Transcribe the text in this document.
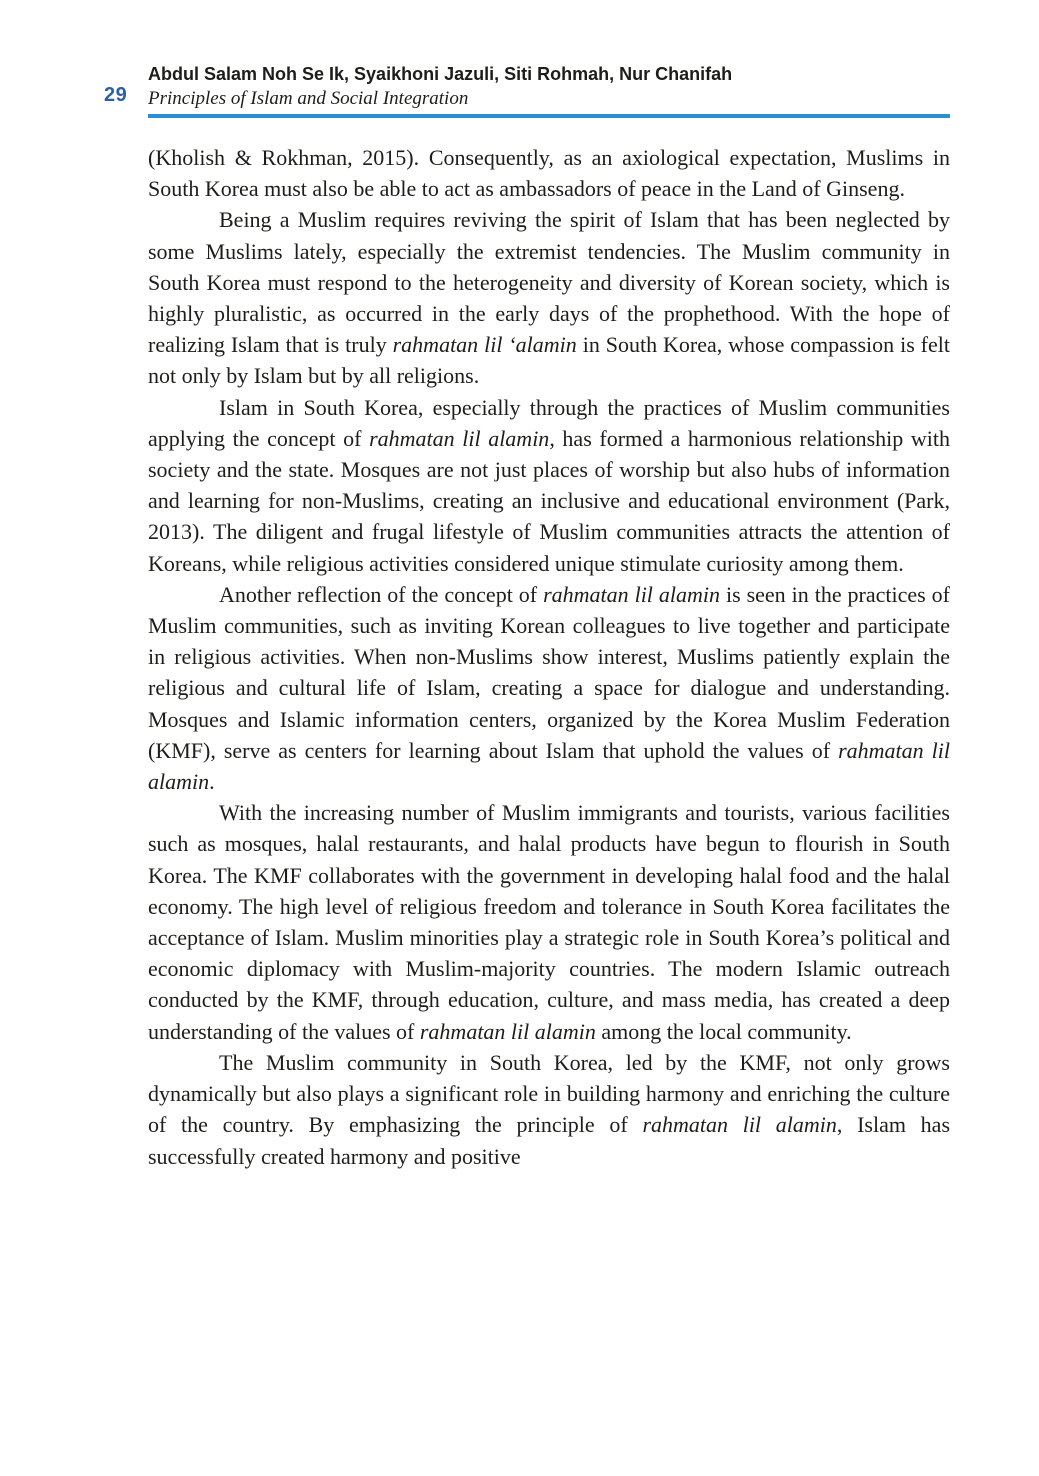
29
Abdul Salam Noh Se Ik, Syaikhoni Jazuli, Siti Rohmah, Nur Chanifah
Principles of Islam and Social Integration

(Kholish & Rokhman, 2015). Consequently, as an axiological expectation, Muslims in South Korea must also be able to act as ambassadors of peace in the Land of Ginseng.

Being a Muslim requires reviving the spirit of Islam that has been neglected by some Muslims lately, especially the extremist tendencies. The Muslim community in South Korea must respond to the heterogeneity and diversity of Korean society, which is highly pluralistic, as occurred in the early days of the prophethood. With the hope of realizing Islam that is truly rahmatan lil ‘alamin in South Korea, whose compassion is felt not only by Islam but by all religions.

Islam in South Korea, especially through the practices of Muslim communities applying the concept of rahmatan lil alamin, has formed a harmonious relationship with society and the state. Mosques are not just places of worship but also hubs of information and learning for non-Muslims, creating an inclusive and educational environment (Park, 2013). The diligent and frugal lifestyle of Muslim communities attracts the attention of Koreans, while religious activities considered unique stimulate curiosity among them.

Another reflection of the concept of rahmatan lil alamin is seen in the practices of Muslim communities, such as inviting Korean colleagues to live together and participate in religious activities. When non-Muslims show interest, Muslims patiently explain the religious and cultural life of Islam, creating a space for dialogue and understanding. Mosques and Islamic information centers, organized by the Korea Muslim Federation (KMF), serve as centers for learning about Islam that uphold the values of rahmatan lil alamin.

With the increasing number of Muslim immigrants and tourists, various facilities such as mosques, halal restaurants, and halal products have begun to flourish in South Korea. The KMF collaborates with the government in developing halal food and the halal economy. The high level of religious freedom and tolerance in South Korea facilitates the acceptance of Islam. Muslim minorities play a strategic role in South Korea’s political and economic diplomacy with Muslim-majority countries. The modern Islamic outreach conducted by the KMF, through education, culture, and mass media, has created a deep understanding of the values of rahmatan lil alamin among the local community.

The Muslim community in South Korea, led by the KMF, not only grows dynamically but also plays a significant role in building harmony and enriching the culture of the country. By emphasizing the principle of rahmatan lil alamin, Islam has successfully created harmony and positive
